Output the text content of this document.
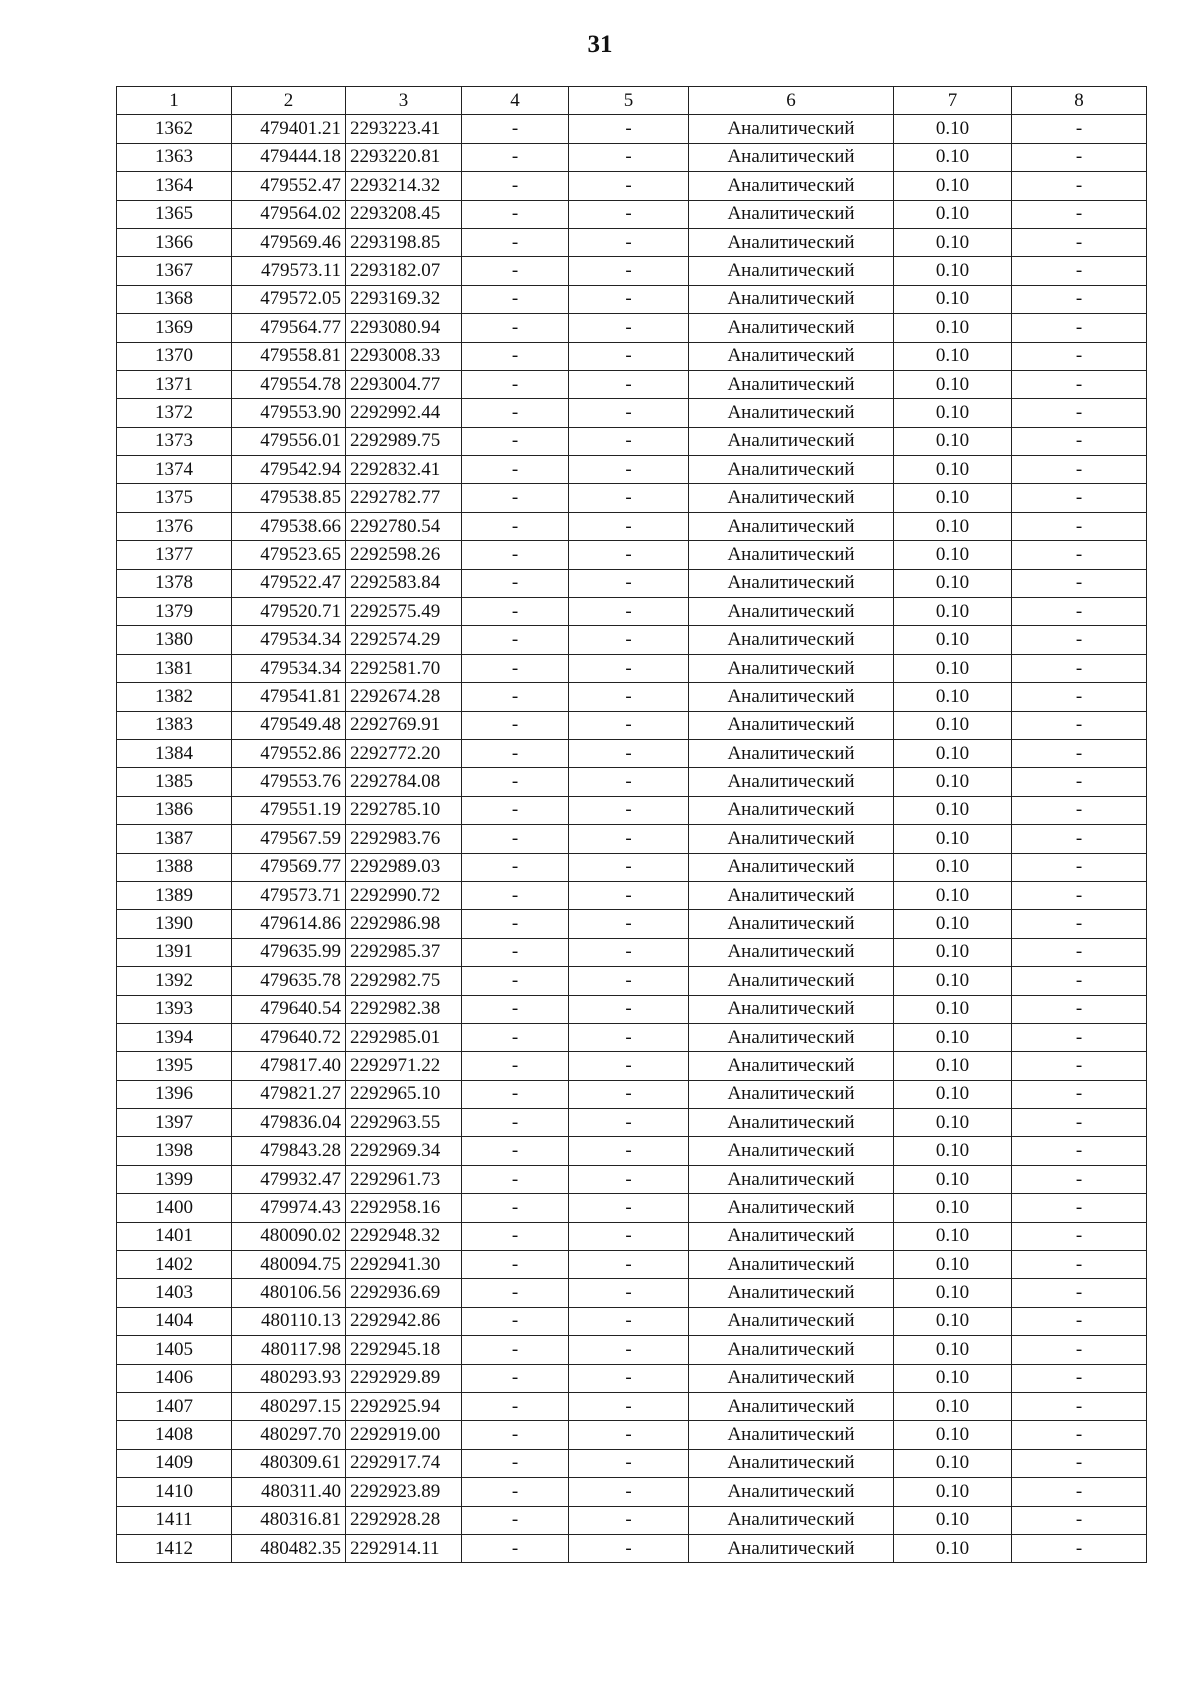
31
1	2	3	4	5	6	7	8
1362	479401.21	2293223.41	-	-	Аналитический	0.10	-
1363	479444.18	2293220.81	-	-	Аналитический	0.10	-
1364	479552.47	2293214.32	-	-	Аналитический	0.10	-
1365	479564.02	2293208.45	-	-	Аналитический	0.10	-
1366	479569.46	2293198.85	-	-	Аналитический	0.10	-
1367	479573.11	2293182.07	-	-	Аналитический	0.10	-
1368	479572.05	2293169.32	-	-	Аналитический	0.10	-
1369	479564.77	2293080.94	-	-	Аналитический	0.10	-
1370	479558.81	2293008.33	-	-	Аналитический	0.10	-
1371	479554.78	2293004.77	-	-	Аналитический	0.10	-
1372	479553.90	2292992.44	-	-	Аналитический	0.10	-
1373	479556.01	2292989.75	-	-	Аналитический	0.10	-
1374	479542.94	2292832.41	-	-	Аналитический	0.10	-
1375	479538.85	2292782.77	-	-	Аналитический	0.10	-
1376	479538.66	2292780.54	-	-	Аналитический	0.10	-
1377	479523.65	2292598.26	-	-	Аналитический	0.10	-
1378	479522.47	2292583.84	-	-	Аналитический	0.10	-
1379	479520.71	2292575.49	-	-	Аналитический	0.10	-
1380	479534.34	2292574.29	-	-	Аналитический	0.10	-
1381	479534.34	2292581.70	-	-	Аналитический	0.10	-
1382	479541.81	2292674.28	-	-	Аналитический	0.10	-
1383	479549.48	2292769.91	-	-	Аналитический	0.10	-
1384	479552.86	2292772.20	-	-	Аналитический	0.10	-
1385	479553.76	2292784.08	-	-	Аналитический	0.10	-
1386	479551.19	2292785.10	-	-	Аналитический	0.10	-
1387	479567.59	2292983.76	-	-	Аналитический	0.10	-
1388	479569.77	2292989.03	-	-	Аналитический	0.10	-
1389	479573.71	2292990.72	-	-	Аналитический	0.10	-
1390	479614.86	2292986.98	-	-	Аналитический	0.10	-
1391	479635.99	2292985.37	-	-	Аналитический	0.10	-
1392	479635.78	2292982.75	-	-	Аналитический	0.10	-
1393	479640.54	2292982.38	-	-	Аналитический	0.10	-
1394	479640.72	2292985.01	-	-	Аналитический	0.10	-
1395	479817.40	2292971.22	-	-	Аналитический	0.10	-
1396	479821.27	2292965.10	-	-	Аналитический	0.10	-
1397	479836.04	2292963.55	-	-	Аналитический	0.10	-
1398	479843.28	2292969.34	-	-	Аналитический	0.10	-
1399	479932.47	2292961.73	-	-	Аналитический	0.10	-
1400	479974.43	2292958.16	-	-	Аналитический	0.10	-
1401	480090.02	2292948.32	-	-	Аналитический	0.10	-
1402	480094.75	2292941.30	-	-	Аналитический	0.10	-
1403	480106.56	2292936.69	-	-	Аналитический	0.10	-
1404	480110.13	2292942.86	-	-	Аналитический	0.10	-
1405	480117.98	2292945.18	-	-	Аналитический	0.10	-
1406	480293.93	2292929.89	-	-	Аналитический	0.10	-
1407	480297.15	2292925.94	-	-	Аналитический	0.10	-
1408	480297.70	2292919.00	-	-	Аналитический	0.10	-
1409	480309.61	2292917.74	-	-	Аналитический	0.10	-
1410	480311.40	2292923.89	-	-	Аналитический	0.10	-
1411	480316.81	2292928.28	-	-	Аналитический	0.10	-
1412	480482.35	2292914.11	-	-	Аналитический	0.10	-
